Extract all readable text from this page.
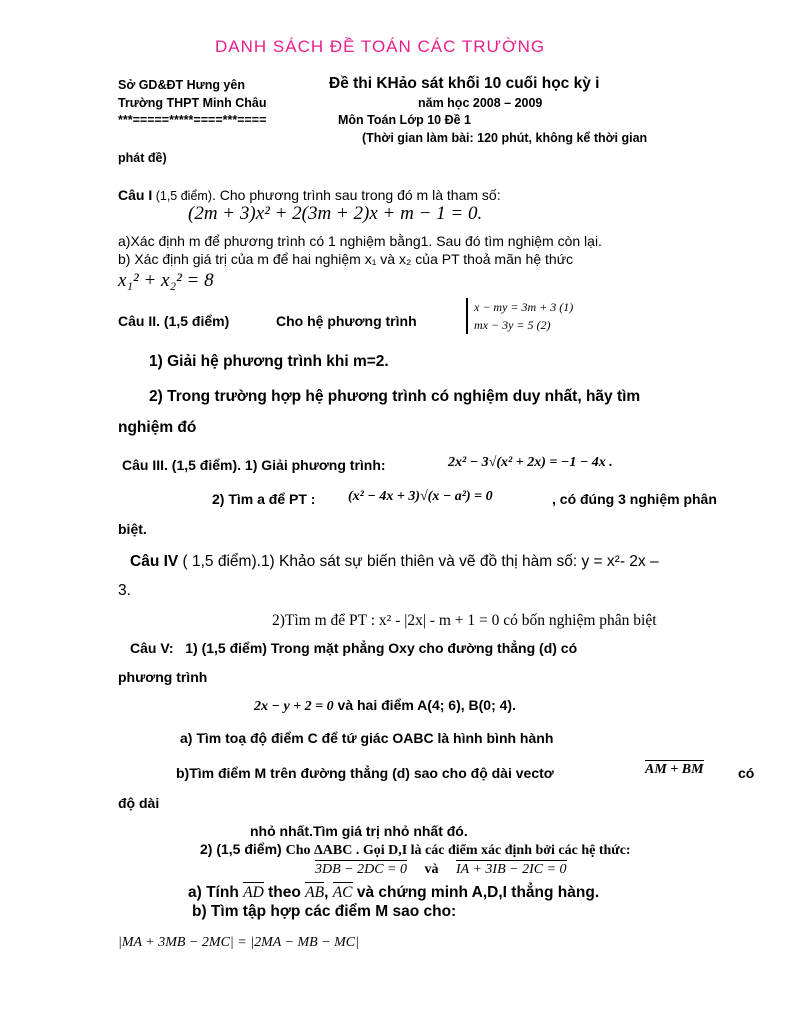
DANH SÁCH ĐỀ TOÁN CÁC TRƯỜNG
Sở GD&ĐT Hưng yên
Trường THPT Minh Châu
***=====*****====***====
Đề thi KHảo sát khối 10 cuối học kỳ i
năm học 2008 – 2009
Môn Toán Lớp 10 Đề 1
(Thời gian làm bài: 120 phút, không kể thời gian
phát đề)
Câu I (1,5 điểm). Cho phương trình sau trong đó m là tham số:
(2m + 3)x² + 2(3m + 2)x + m − 1 = 0.
a)Xác định m để phương trình có 1 nghiệm bằng1. Sau đó tìm nghiệm còn lại.
b) Xác định giá trị của m để hai nghiệm x₁ và x₂ của PT thoả mãn hệ thức
x₁² + x₂² = 8
Câu II. (1,5 điểm)	Cho hệ phương trình
x − my = 3m + 3 (1)
mx − 3y = 5 (2)
1) Giải hệ phương trình khi m=2.
2) Trong trường hợp hệ phương trình có nghiệm duy nhất, hãy tìm
nghiệm đó
Câu III. (1,5 điểm). 1) Giải phương trình:	2x² − 3√(x² + 2x) = −1 − 4x .
2) Tìm a để PT : (x² − 4x + 3)√(x − a²) = 0	, có đúng 3 nghiệm phân
biệt.
Câu IV ( 1,5 điểm).1) Khảo sát sự biến thiên và vẽ đồ thị hàm số: y = x²- 2x –
3.
2)Tìm m để PT : x² - |2x| - m + 1 = 0 có bốn nghiệm phân biệt
Câu V: 1) (1,5 điểm) Trong mặt phẳng Oxy cho đường thẳng (d) có
phương trình
2x − y + 2 = 0 và hai điểm A(4; 6), B(0; 4).
a) Tìm toạ độ điểm C để tứ giác OABC là hình bình hành
b)Tìm điểm M trên đường thẳng (d) sao cho độ dài vectơ	AM + BM có
độ dài
nhỏ nhất.Tìm giá trị nhỏ nhất đó.
2) (1,5 điểm) Cho ΔABC . Gọi D,I là các điểm xác định bởi các hệ thức:
3DB − 2DC = 0 và IA + 3IB − 2IC = 0
a) Tính AD theo AB, AC và chứng minh A,D,I thẳng hàng.
b) Tìm tập hợp các điểm M sao cho:
|MA + 3MB − 2MC| = |2MA − MB − MC|
